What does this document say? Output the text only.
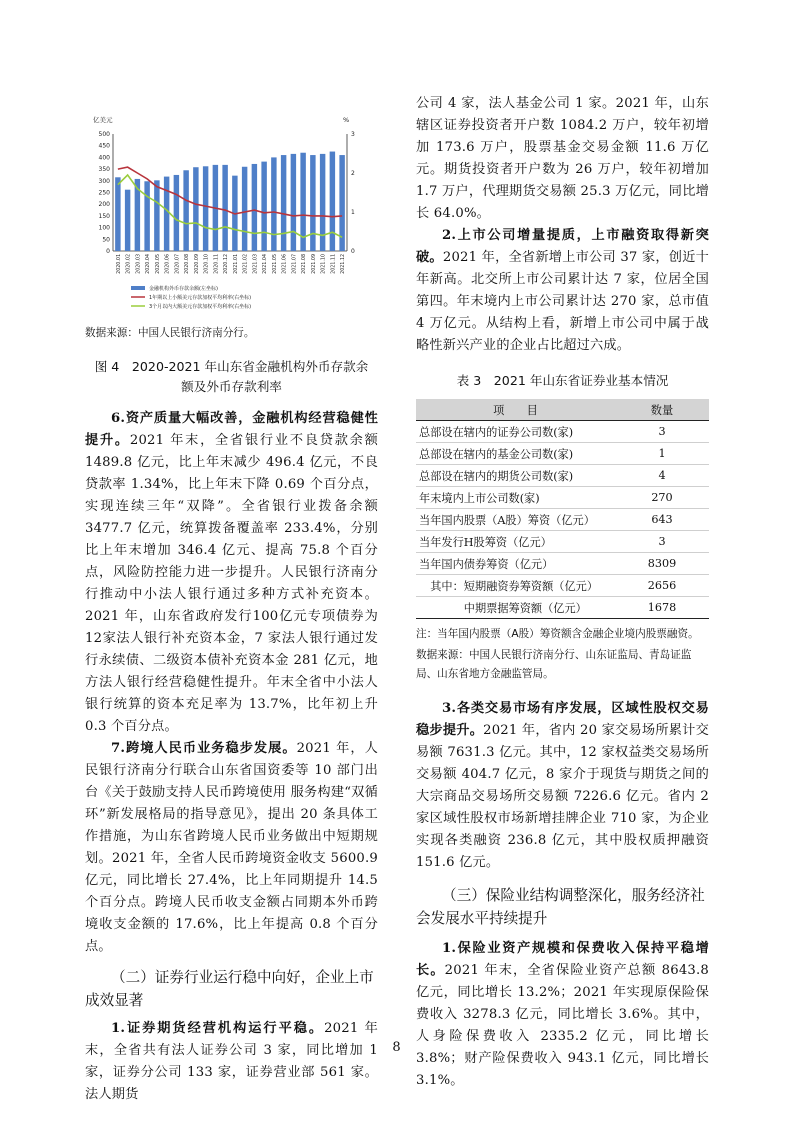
亿美元	%
500
450
400
350
300
250
200
150
100
50
0
3
2
1
0
2020.01 2020.02 2020.03 2020.04 2020.05 2020.06 2020.07 2020.08 2020.09 2020.10 2020.11 2020.12 2021.01 2021.02 2021.03 2021.04 2021.05 2021.06 2021.07 2021.08 2021.09 2021.10 2021.11 2021.12
金融机构外币存款余额(左坐标)
1年期以上小额美元存款加权平均利率(右坐标)
3个月以内大额美元存款加权平均利率(右坐标)

数据来源：中国人民银行济南分行。

图 4　2020-2021 年山东省金融机构外币存款余
额及外币存款利率

6.资产质量大幅改善，金融机构经营稳健性提升。2021 年末，全省银行业不良贷款余额 1489.8 亿元，比上年末减少 496.4 亿元，不良贷款率 1.34%，比上年末下降 0.69 个百分点，实现连续三年“双降”。全省银行业拨备余额 3477.7 亿元，统算拨备覆盖率 233.4%，分别比上年末增加 346.4 亿元、提高 75.8 个百分点，风险防控能力进一步提升。人民银行济南分行推动中小法人银行通过多种方式补充资本。2021 年，山东省政府发行100亿元专项债券为12家法人银行补充资本金，7 家法人银行通过发行永续债、二级资本债补充资本金 281 亿元，地方法人银行经营稳健性提升。年末全省中小法人银行统算的资本充足率为 13.7%，比年初上升 0.3 个百分点。

7.跨境人民币业务稳步发展。2021 年，人民银行济南分行联合山东省国资委等 10 部门出台《关于鼓励支持人民币跨境使用 服务构建“双循环”新发展格局的指导意见》，提出 20 条具体工作措施，为山东省跨境人民币业务做出中短期规划。2021 年，全省人民币跨境资金收支 5600.9 亿元，同比增长 27.4%，比上年同期提升 14.5 个百分点。跨境人民币收支金额占同期本外币跨境收支金额的 17.6%，比上年提高 0.8 个百分点。

（二）证券行业运行稳中向好，企业上市成效显著

1.证券期货经营机构运行平稳。2021 年末，全省共有法人证券公司 3 家，同比增加 1 家，证券分公司 133 家，证券营业部 561 家。法人期货

公司 4 家，法人基金公司 1 家。2021 年，山东辖区证券投资者开户数 1084.2 万户，较年初增加 173.6 万户，股票基金交易金额 11.6 万亿元。期货投资者开户数为 26 万户，较年初增加 1.7 万户，代理期货交易额 25.3 万亿元，同比增长 64.0%。

2.上市公司增量提质，上市融资取得新突破。2021 年，全省新增上市公司 37 家，创近十年新高。北交所上市公司累计达 7 家，位居全国第四。年末境内上市公司累计达 270 家，总市值 4 万亿元。从结构上看，新增上市公司中属于战略性新兴产业的企业占比超过六成。

表 3　2021 年山东省证券业基本情况

项　　目	数量
总部设在辖内的证券公司数(家)	3
总部设在辖内的基金公司数(家)	1
总部设在辖内的期货公司数(家)	4
年末境内上市公司数(家)	270
当年国内股票（A股）筹资（亿元）	643
当年发行H股筹资（亿元）	3
当年国内债券筹资（亿元）	8309
　其中：短期融资券筹资额（亿元）	2656
　　　　中期票据筹资额（亿元）	1678

注：当年国内股票（A股）筹资额含金融企业境内股票融资。

数据来源：中国人民银行济南分行、山东证监局、青岛证监局、山东省地方金融监管局。

3.各类交易市场有序发展，区域性股权交易稳步提升。2021 年，省内 20 家交易场所累计交易额 7631.3 亿元。其中，12 家权益类交易场所交易额 404.7 亿元，8 家介于现货与期货之间的大宗商品交易场所交易额 7226.6 亿元。省内 2 家区域性股权市场新增挂牌企业 710 家，为企业实现各类融资 236.8 亿元，其中股权质押融资 151.6 亿元。

（三）保险业结构调整深化，服务经济社会发展水平持续提升

1.保险业资产规模和保费收入保持平稳增长。2021 年末，全省保险业资产总额 8643.8 亿元，同比增长 13.2%；2021 年实现原保险保费收入 3278.3 亿元，同比增长 3.6%。其中，人身险保费收入 2335.2 亿元，同比增长 3.8%；财产险保费收入 943.1 亿元，同比增长 3.1%。

8
